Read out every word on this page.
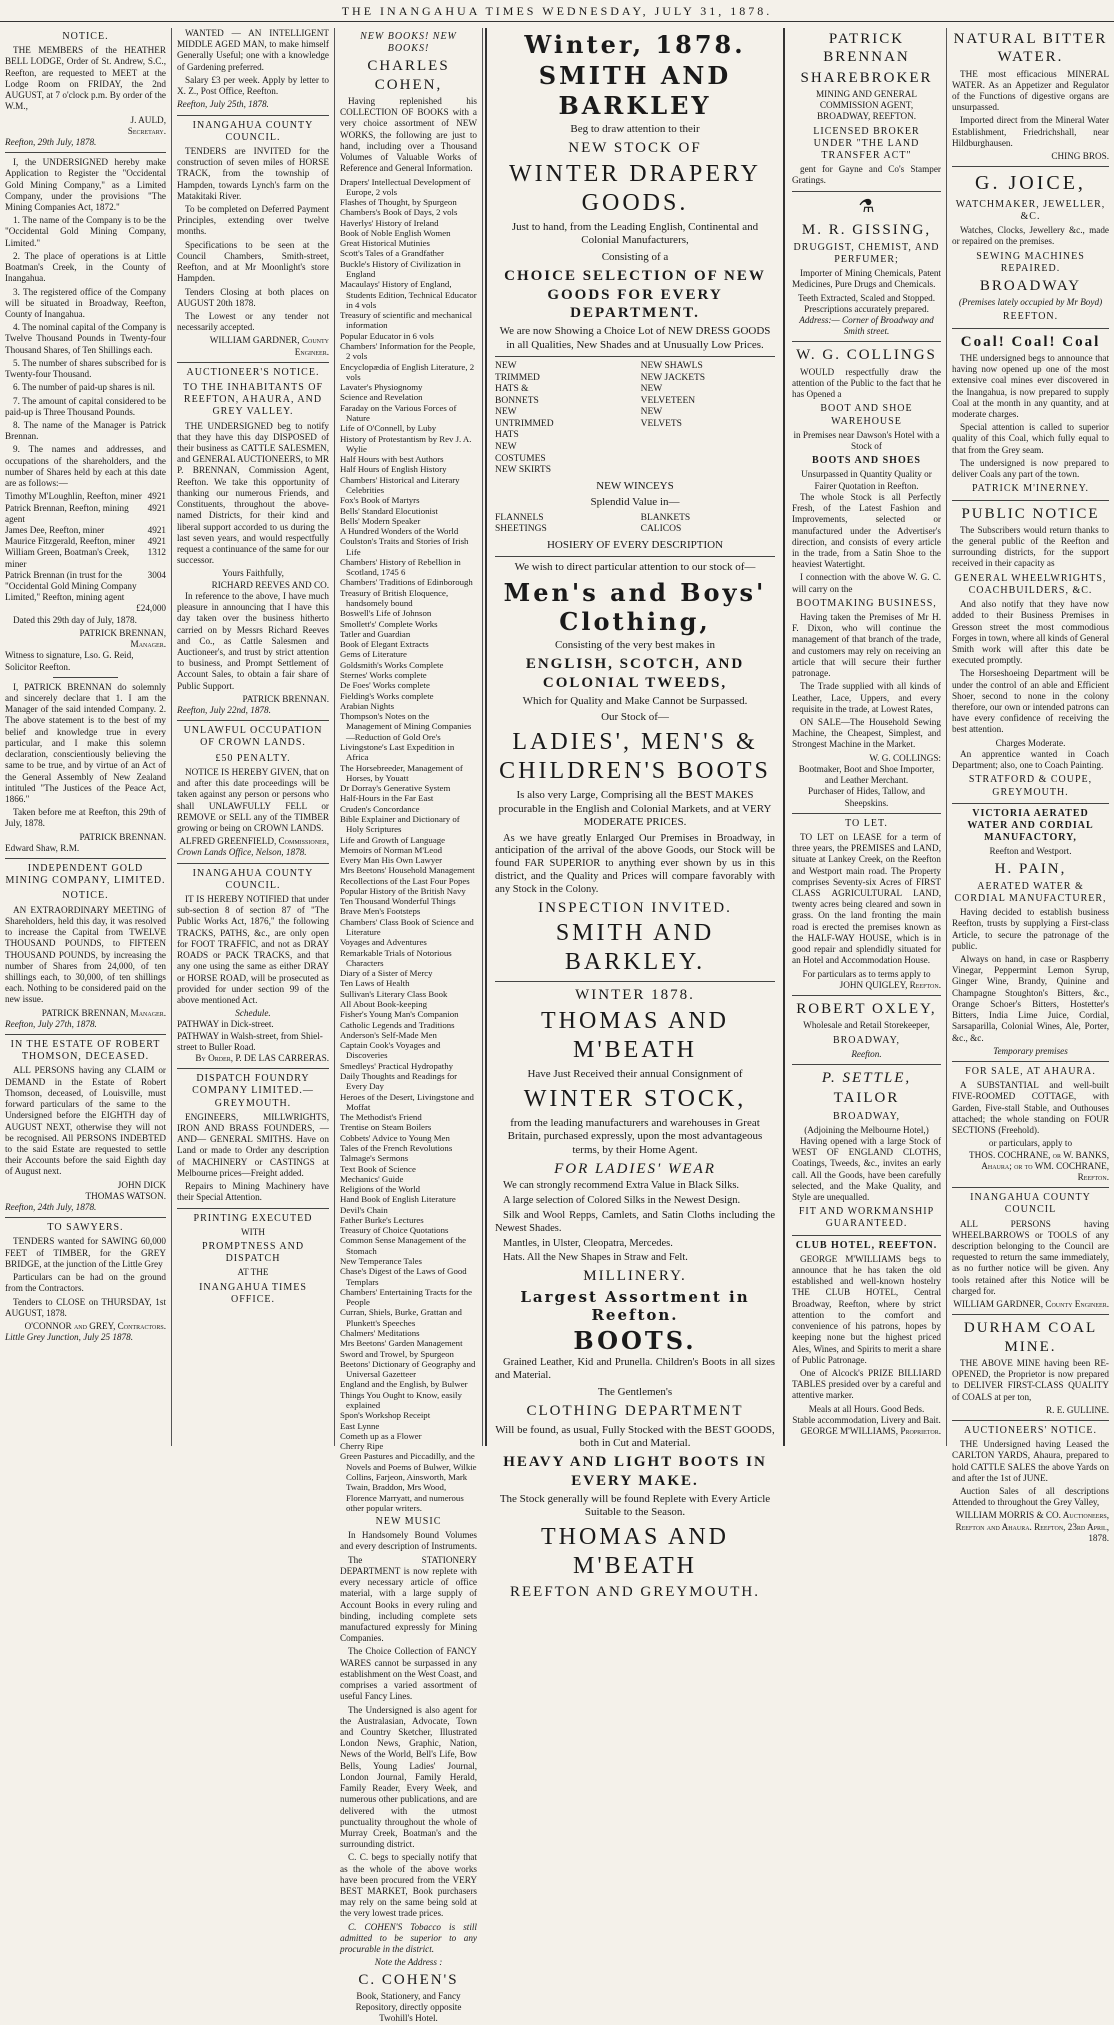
THE INANGAHUA TIMES WEDNESDAY, JULY 31, 1878.
NOTICE.

THE MEMBERS of the HEATHER BELL LODGE, Order of St. Andrew, S.C., Reefton, are requested to MEET at the Lodge Room on FRIDAY, the 2nd AUGUST, at 7 o'clock p.m. By order of the W.M.,

J. AULD,
Secretary.
Reefton, 29th July, 1878.

I, the UNDERSIGNED hereby make Application to Register the "Occidental Gold Mining Company," as a Limited Company, under the provisions "The Mining Companies Act, 1872."

1. The name of the Company is to be the "Occidental Gold Mining Company, Limited."

2. The place of operations is at Little Boatman's Creek, in the County of Inangahua.

3. The registered office of the Company will be situated in Broadway, Reefton, County of Inangahua.

4. The nominal capital of the Company is Twelve Thousand Pounds in Twenty-four Thousand Shares, of Ten Shillings each.

5. The number of shares subscribed for is Twenty-four Thousand.

6. The number of paid-up shares is nil.

7. The amount of capital considered to be paid-up is Three Thousand Pounds.

8. The name of the Manager is Patrick Brennan.

9. The names and addresses, and occupations of the shareholders, and the number of Shares held by each at this date are as follows:—

Timothy M'Loughlin, Reefton, miner 4921
Patrick Brennan, Reefton, mining agent
4921
James Dee, Reefton, miner	4921
Maurice Fitzgerald, Reefton, miner 4921
William Green, Boatman's Creek, miner
1312
Patrick Brennan (in trust for the "Occidental Gold Mining Company Limited," Reefton, mining agent
3004
£24,000

Dated this 29th day of July, 1878.

PATRICK BRENNAN,
Manager.
Witness to signature, Lso. G. Reid, Solicitor Reefton.

I, PATRICK BRENNAN do solemnly and sincerely declare that 1. I am the Manager of the said intended Company. 2. The above statement is to the best of my belief and knowledge true in every particular, and I make this solemn declaration, conscientiously believing the same to be true, and by virtue of an Act of the General Assembly of New Zealand intituled "The Justices of the Peace Act, 1866."

Taken before me at Reefton, this 29th of July, 1878.

PATRICK BRENNAN.
Edward Shaw, R.M.
INDEPENDENT GOLD MINING COMPANY, LIMITED.
NOTICE.

AN EXTRAORDINARY MEETING of Shareholders, held this day, it was resolved to increase the Capital from TWELVE THOUSAND POUNDS, to FIFTEEN THOUSAND POUNDS, by increasing the number of Shares from 24,000, of ten shillings each, to 30,000, of ten shillings each. Nothing to be considered paid on the new issue.

PATRICK BRENNAN, Manager.
Reefton, July 27th, 1878.
IN THE ESTATE OF ROBERT THOMSON, DECEASED.

ALL PERSONS having any CLAIM or DEMAND in the Estate of Robert Thomson, deceased, of Louisville, must forward particulars of the same to the Undersigned before the EIGHTH day of AUGUST NEXT, otherwise they will not be recognised. All PERSONS INDEBTED to the said Estate are requested to settle their Accounts before the said Eighth day of August next.

JOHN DICK
THOMAS WATSON.
Reefton, 24th July, 1878.
TO SAWYERS.

TENDERS wanted for SAWING 60,000 FEET of TIMBER, for the GREY BRIDGE, at the junction of the Little Grey

Particulars can be had on the ground from the Contractors.

Tenders to CLOSE on THURSDAY, 1st AUGUST, 1878.

O'CONNOR and GREY, Contractors.
Little Grey Junction, July 25 1878.

WANTED — AN INTELLIGENT MIDDLE AGED MAN, to make himself Generally Useful; one with a knowledge of Gardening preferred.

Salary £3 per week. Apply by letter to X. Z., Post Office, Reefton.

Reefton, July 25th, 1878.
INANGAHUA COUNTY COUNCIL.

TENDERS are INVITED for the construction of seven miles of HORSE TRACK, from the township of Hampden, towards Lynch's farm on the Matakitaki River.

To be completed on Deferred Payment Principles, extending over twelve months.

Specifications to be seen at the Council Chambers, Smith-street, Reefton, and at Mr Moonlight's store Hampden.

Tenders Closing at both places on AUGUST 20th 1878.

The Lowest or any tender not necessarily accepted.

WILLIAM GARDNER, County Engineer.
AUCTIONEER'S NOTICE.
TO THE INHABITANTS OF REEFTON, AHAURA, AND GREY VALLEY.

THE UNDERSIGNED beg to notify that they have this day DISPOSED of their business as CATTLE SALESMEN, and GENERAL AUCTIONEERS, to MR P. BRENNAN, Commission Agent, Reefton. We take this opportunity of thanking our numerous Friends, and Constituents, throughout the above-named Districts, for their kind and liberal support accorded to us during the last seven years, and would respectfully request a continuance of the same for our successor.

Yours Faithfully,
RICHARD REEVES AND CO.

In reference to the above, I have much pleasure in announcing that I have this day taken over the business hitherto carried on by Messrs Richard Reeves and Co., as Cattle Salesmen and Auctioneer's, and trust by strict attention to business, and Prompt Settlement of Account Sales, to obtain a fair share of Public Support.

PATRICK BRENNAN.
Reefton, July 22nd, 1878.
UNLAWFUL OCCUPATION OF CROWN LANDS.
£50 PENALTY.

NOTICE IS HEREBY GIVEN, that on and after this date proceedings will be taken against any person or persons who shall UNLAWFULLY FELL or REMOVE or SELL any of the TIMBER growing or being on CROWN LANDS.

ALFRED GREENFIELD, Commissioner,
Crown Lands Office, Nelson, 1878.
INANGAHUA COUNTY COUNCIL.

IT IS HEREBY NOTIFIED that under sub-section 8 of section 87 of "The Public Works Act, 1876," the following TRACKS, PATHS, &c., are only open for FOOT TRAFFIC, and not as DRAY ROADS or PACK TRACKS, and that any one using the same as either DRAY or HORSE ROAD, will be prosecuted as provided for under section 99 of the above mentioned Act.

Schedule.
PATHWAY in Dick-street.
PATHWAY in Walsh-street, from Shiel-street to Buller Road.
By Order, P. DE LAS CARRERAS.
DISPATCH FOUNDRY COMPANY LIMITED.—GREYMOUTH.

ENGINEERS, MILLWRIGHTS, IRON AND BRASS FOUNDERS, —AND— GENERAL SMITHS. Have on Land or made to Order any description of MACHINERY or CASTINGS at Melbourne prices—Freight added.

Repairs to Mining Machinery have their Special Attention.

PRINTING EXECUTED
WITH
PROMPTNESS AND DISPATCH
AT THE
INANGAHUA TIMES OFFICE.
NEW BOOKS! NEW BOOKS!
CHARLES COHEN,

Having replenished his COLLECTION OF BOOKS with a very choice assortment of NEW WORKS, the following are just to hand, including over a Thousand Volumes of Valuable Works of Reference and General Information.

Drapers' Intellectual Development of Europe, 2 vols
Flashes of Thought, by Spurgeon
Chambers's Book of Days, 2 vols
Haverlys' History of Ireland
Book of Noble English Women
Great Historical Mutinies
Scott's Tales of a Grandfather
Buckle's History of Civilization in England
Macaulays' History of England, Students Edition, Technical Educator in 4 vols
Treasury of scientific and mechanical information
Popular Educator in 6 vols
Chambers' Information for the People, 2 vols
Encyclopædia of English Literature, 2 vols
Lavater's Physiognomy
Science and Revelation
Faraday on the Various Forces of Nature
Life of O'Connell, by Luby
History of Protestantism by Rev J. A. Wylie
Half Hours with best Authors
Half Hours of English History
Chambers' Historical and Literary Celebrities
Fox's Book of Martyrs
Bells' Standard Elocutionist
Bells' Modern Speaker
A Hundred Wonders of the World
Coulston's Traits and Stories of Irish Life
Chambers' History of Rebellion in Scotland, 1745 6
Chambers' Traditions of Edinborough
Treasury of British Eloquence, handsomely bound
Boswell's Life of Johnson
Smollett's' Complete Works
Tatler and Guardian
Book of Elegant Extracts
Gems of Literature
Goldsmith's Works Complete
Sternes' Works complete
De Foes' Works complete
Fielding's Works complete
Arabian Nights
Thompson's Notes on the Management of Mining Companies—Reduction of Gold Ore's
Livingstone's Last Expedition in Africa
The Horsebreeder, Management of Horses, by Youatt
Dr Dorray's Generative System
Half-Hours in the Far East
Cruden's Concordance
Bible Explainer and Dictionary of Holy Scriptures
Life and Growth of Language
Memoirs of Norman M'Leod
Every Man His Own Lawyer
Mrs Beetons' Household Management
Recollections of the Last Four Popes
Popular History of the British Navy
Ten Thousand Wonderful Things
Brave Men's Footsteps
Chambers' Class Book of Science and Literature
Voyages and Adventures
Remarkable Trials of Notorious Characters
Diary of a Sister of Mercy
Ten Laws of Health
Sullivan's Literary Class Book
All About Book-keeping
Fisher's Young Man's Companion
Catholic Legends and Traditions
Anderson's Self-Made Men
Captain Cook's Voyages and Discoveries
Smedleys' Practical Hydropathy
Daily Thoughts and Readings for Every Day
Heroes of the Desert, Livingstone and Moffat
The Methodist's Friend
Trentise on Steam Boilers
Cobbets' Advice to Young Men
Tales of the French Revolutions
Talmage's Sermons
Text Book of Science
Mechanics' Guide
Religions of the World
Hand Book of English Literature
Devil's Chain
Father Burke's Lectures
Treasury of Choice Quotations
Common Sense Management of the Stomach
New Temperance Tales
Chase's Digest of the Laws of Good Templars
Chambers' Entertaining Tracts for the People
Curran, Shiels, Burke, Grattan and Plunkett's Speeches
Chalmers' Meditations
Mrs Beetons' Garden Management
Sword and Trowel, by Spurgeon
Beetons' Dictionary of Geography and Universal Gazetteer
England and the English, by Bulwer
Things You Ought to Know, easily explained
Spon's Workshop Receipt
East Lynne
Cometh up as a Flower
Cherry Ripe
Green Pastures and Piccadilly, and the Novels and Poems of Bulwer, Wilkie Collins, Farjeon, Ainsworth, Mark Twain, Braddon, Mrs Wood, Florence Marryatt, and numerous other popular writers.
NEW MUSIC

In Handsomely Bound Volumes and every description of Instruments.

The STATIONERY DEPARTMENT is now replete with every necessary article of office material, with a large supply of Account Books in every ruling and binding, including complete sets manufactured expressly for Mining Companies.

The Choice Collection of FANCY WARES cannot be surpassed in any establishment on the West Coast, and comprises a varied assortment of useful Fancy Lines.

The Undersigned is also agent for the Australasian, Advocate, Town and Country Sketcher, Illustrated London News, Graphic, Nation, News of the World, Bell's Life, Bow Bells, Young Ladies' Journal, London Journal, Family Herald, Family Reader, Every Week, and numerous other publications, and are delivered with the utmost punctuality throughout the whole of Murray Creek, Boatman's and the surrounding district.

C. C. begs to specially notify that as the whole of the above works have been procured from the VERY BEST MARKET, Book purchasers may rely on the same being sold at the very lowest trade prices.

C. COHEN'S Tobacco is still admitted to be superior to any procurable in the district.

Note the Address :
C. COHEN'S
Book, Stationery, and Fancy Repository, directly opposite Twohill's Hotel.
Winter, 1878.
SMITH AND BARKLEY
Beg to draw attention to their
NEW STOCK OF
WINTER DRAPERY GOODS.
Just to hand, from the Leading English, Continental and Colonial Manufacturers,
Consisting of a
CHOICE SELECTION OF NEW GOODS FOR EVERY DEPARTMENT.
We are now Showing a Choice Lot of NEW DRESS GOODS in all Qualities, New Shades and at Unusually Low Prices.
NEW TRIMMED HATS & BONNETS
NEW UNTRIMMED HATS
NEW COSTUMES
NEW SKIRTS
NEW SHAWLS
NEW JACKETS
NEW VELVETEEN
NEW VELVETS
NEW WINCEYS
Splendid Value in—
FLANNELS
SHEETINGS
BLANKETS
CALICOS
HOSIERY OF EVERY DESCRIPTION
We wish to direct particular attention to our stock of—
Men's and Boys' Clothing,
Consisting of the very best makes in
ENGLISH, SCOTCH, AND COLONIAL TWEEDS,
Which for Quality and Make Cannot be Surpassed.
Our Stock of—
LADIES', MEN'S & CHILDREN'S BOOTS
Is also very Large, Comprising all the BEST MAKES procurable in the English and Colonial Markets, and at VERY MODERATE PRICES.

As we have greatly Enlarged Our Premises in Broadway, in anticipation of the arrival of the above Goods, our Stock will be found FAR SUPERIOR to anything ever shown by us in this district, and the Quality and Prices will compare favorably with any Stock in the Colony.

INSPECTION INVITED.
SMITH AND BARKLEY.
WINTER 1878.
THOMAS AND M'BEATH
Have Just Received their annual Consignment of
WINTER STOCK,
from the leading manufacturers and warehouses in Great Britain, purchased expressly, upon the most advantageous terms, by their Home Agent.
FOR LADIES' WEAR

We can strongly recommend Extra Value in Black Silks.

A large selection of Colored Silks in the Newest Design.

Silk and Wool Repps, Camlets, and Satin Cloths including the Newest Shades.

Mantles, in Ulster, Cleopatra, Mercedes.

Hats. All the New Shapes in Straw and Felt.

MILLINERY.
Largest Assortment in Reefton.
BOOTS.

Grained Leather, Kid and Prunella. Children's Boots in all sizes and Material.

The Gentlemen's
CLOTHING DEPARTMENT
Will be found, as usual, Fully Stocked with the BEST GOODS, both in Cut and Material.
HEAVY AND LIGHT BOOTS IN EVERY MAKE.
The Stock generally will be found Replete with Every Article Suitable to the Season.
THOMAS AND M'BEATH
REEFTON AND GREYMOUTH.
PATRICK BRENNAN
SHAREBROKER
MINING AND GENERAL COMMISSION AGENT,
BROADWAY, REEFTON.
LICENSED BROKER UNDER "THE LAND TRANSFER ACT"

gent for Gayne and Co's Stamper Gratings.

⚗
M. R. GISSING,
DRUGGIST, CHEMIST, AND PERFUMER;

Importer of Mining Chemicals, Patent Medicines, Pure Drugs and Chemicals.

Teeth Extracted, Scaled and Stopped.
Prescriptions accurately prepared.
Address:— Corner of Broadway and Smith street.
W. G. COLLINGS

WOULD respectfully draw the attention of the Public to the fact that he has Opened a

BOOT AND SHOE WAREHOUSE
in Premises near Dawson's Hotel with a Stock of
BOOTS AND SHOES
Unsurpassed in Quantity Quality or Fairer Quotation in Reefton.

The whole Stock is all Perfectly Fresh, of the Latest Fashion and Improvements, selected or manufactured under the Advertiser's direction, and consists of every article in the trade, from a Satin Shoe to the heaviest Watertight.

I connection with the above W. G. C. will carry on the

BOOTMAKING BUSINESS,

Having taken the Premises of Mr H. F. Dixon, who will continue the management of that branch of the trade, and customers may rely on receiving an article that will secure their further patronage.

The Trade supplied with all kinds of Leather, Lace, Uppers, and every requisite in the trade, at Lowest Rates,

ON SALE—The Household Sewing Machine, the Cheapest, Simplest, and Strongest Machine in the Market.

W. G. COLLINGS:
Bootmaker, Boot and Shoe Importer, and Leather Merchant.
Purchaser of Hides, Tallow, and Sheepskins.
TO LET.

TO LET on LEASE for a term of three years, the PREMISES and LAND, situate at Lankey Creek, on the Reefton and Westport main road. The Property comprises Seventy-six Acres of FIRST CLASS AGRICULTURAL LAND, twenty acres being cleared and sown in grass. On the land fronting the main road is erected the premises known as the HALF-WAY HOUSE, which is in good repair and splendidly situated for an Hotel and Accommodation House.

For particulars as to terms apply to
JOHN QUIGLEY, Reefton.
ROBERT OXLEY,
Wholesale and Retail Storekeeper,
BROADWAY,
Reefton.
P. SETTLE,
TAILOR
BROADWAY,
(Adjoining the Melbourne Hotel,)

Having opened with a large Stock of WEST OF ENGLAND CLOTHS, Coatings, Tweeds, &c., invites an early call. All the Goods, have been carefully selected, and the Make Quality, and Style are unequalled.

FIT AND WORKMANSHIP GUARANTEED.
CLUB HOTEL, REEFTON.

GEORGE M'WILLIAMS begs to announce that he has taken the old established and well-known hostelry THE CLUB HOTEL, Central Broadway, Reefton, where by strict attention to the comfort and convenience of his patrons, hopes by keeping none but the highest priced Ales, Wines, and Spirits to merit a share of Public Patronage.

One of Alcock's PRIZE BILLIARD TABLES presided over by a careful and attentive marker.

Meals at all Hours. Good Beds.
Stable accommodation, Livery and Bait.
GEORGE M'WILLIAMS, Proprietor.
NATURAL BITTER WATER.

THE most efficacious MINERAL WATER. As an Appetizer and Regulator of the Functions of digestive organs are unsurpassed.

Imported direct from the Mineral Water Establishment, Friedrichshall, near Hildburghausen.

CHING BROS.
G. JOICE,
WATCHMAKER, JEWELLER, &C.

Watches, Clocks, Jewellery &c., made or repaired on the premises.

SEWING MACHINES REPAIRED.
BROADWAY
(Premises lately occupied by Mr Boyd)
REEFTON.
Coal! Coal! Coal

THE undersigned begs to announce that having now opened up one of the most extensive coal mines ever discovered in the Inangahua, is now prepared to supply Coal at the month in any quantity, and at moderate charges.

Special attention is called to superior quality of this Coal, which fully equal to that from the Grey seam.

The undersigned is now prepared to deliver Coals any part of the town.

PATRICK M'INERNEY.
PUBLIC NOTICE

The Subscribers would return thanks to the general public of the Reefton and surrounding districts, for the support received in their capacity as

GENERAL WHEELWRIGHTS, COACHBUILDERS, &C.

And also notify that they have now added to their Business Premises in Gresson street the most commodious Forges in town, where all kinds of General Smith work will after this date be executed promptly.

The Horseshoeing Department will be under the control of an able and Efficient Shoer, second to none in the colony therefore, our own or intended patrons can have every confidence of receiving the best attention.

Charges Moderate.

An apprentice wanted in Coach Department; also, one to Coach Painting.

STRATFORD & COUPE, GREYMOUTH.
VICTORIA AERATED WATER AND CORDIAL MANUFACTORY,
Reefton and Westport.
H. PAIN,
AERATED WATER & CORDIAL MANUFACTURER,

Having decided to establish business Reefton, trusts by supplying a First-class Article, to secure the patronage of the public.

Always on hand, in case or Raspberry Vinegar, Peppermint Lemon Syrup, Ginger Wine, Brandy, Quinine and Champagne Stoughton's Bitters, &c., Orange Schoer's Bitters, Hostetter's Bitters, India Lime Juice, Cordial, Sarsaparilla, Colonial Wines, Ale, Porter, &c., &c.

Temporary premises
FOR SALE, AT AHAURA.

A SUBSTANTIAL and well-built FIVE-ROOMED COTTAGE, with Garden, Five-stall Stable, and Outhouses attached; the whole standing on FOUR SECTIONS (Freehold).

or particulars, apply to
THOS. COCHRANE, or W. BANKS, Ahaura; or to WM. COCHRANE, Reefton.
INANGAHUA COUNTY COUNCIL

ALL PERSONS having WHEELBARROWS or TOOLS of any description belonging to the Council are requested to return the same immediately, as no further notice will be given. Any tools retained after this Notice will be charged for.

WILLIAM GARDNER, County Engineer.
DURHAM COAL MINE.

THE ABOVE MINE having been RE-OPENED, the Proprietor is now prepared to DELIVER FIRST-CLASS QUALITY of COALS at per ton,

R. E. GULLINE.
AUCTIONEERS' NOTICE.

THE Undersigned having Leased the CARLTON YARDS, Ahaura, prepared to hold CATTLE SALES the above Yards on and after the 1st of JUNE.

Auction Sales of all descriptions Attended to throughout the Grey Valley,

WILLIAM MORRIS & CO. Auctioneers, Reefton and Ahaura. Reefton, 23rd April, 1878.
